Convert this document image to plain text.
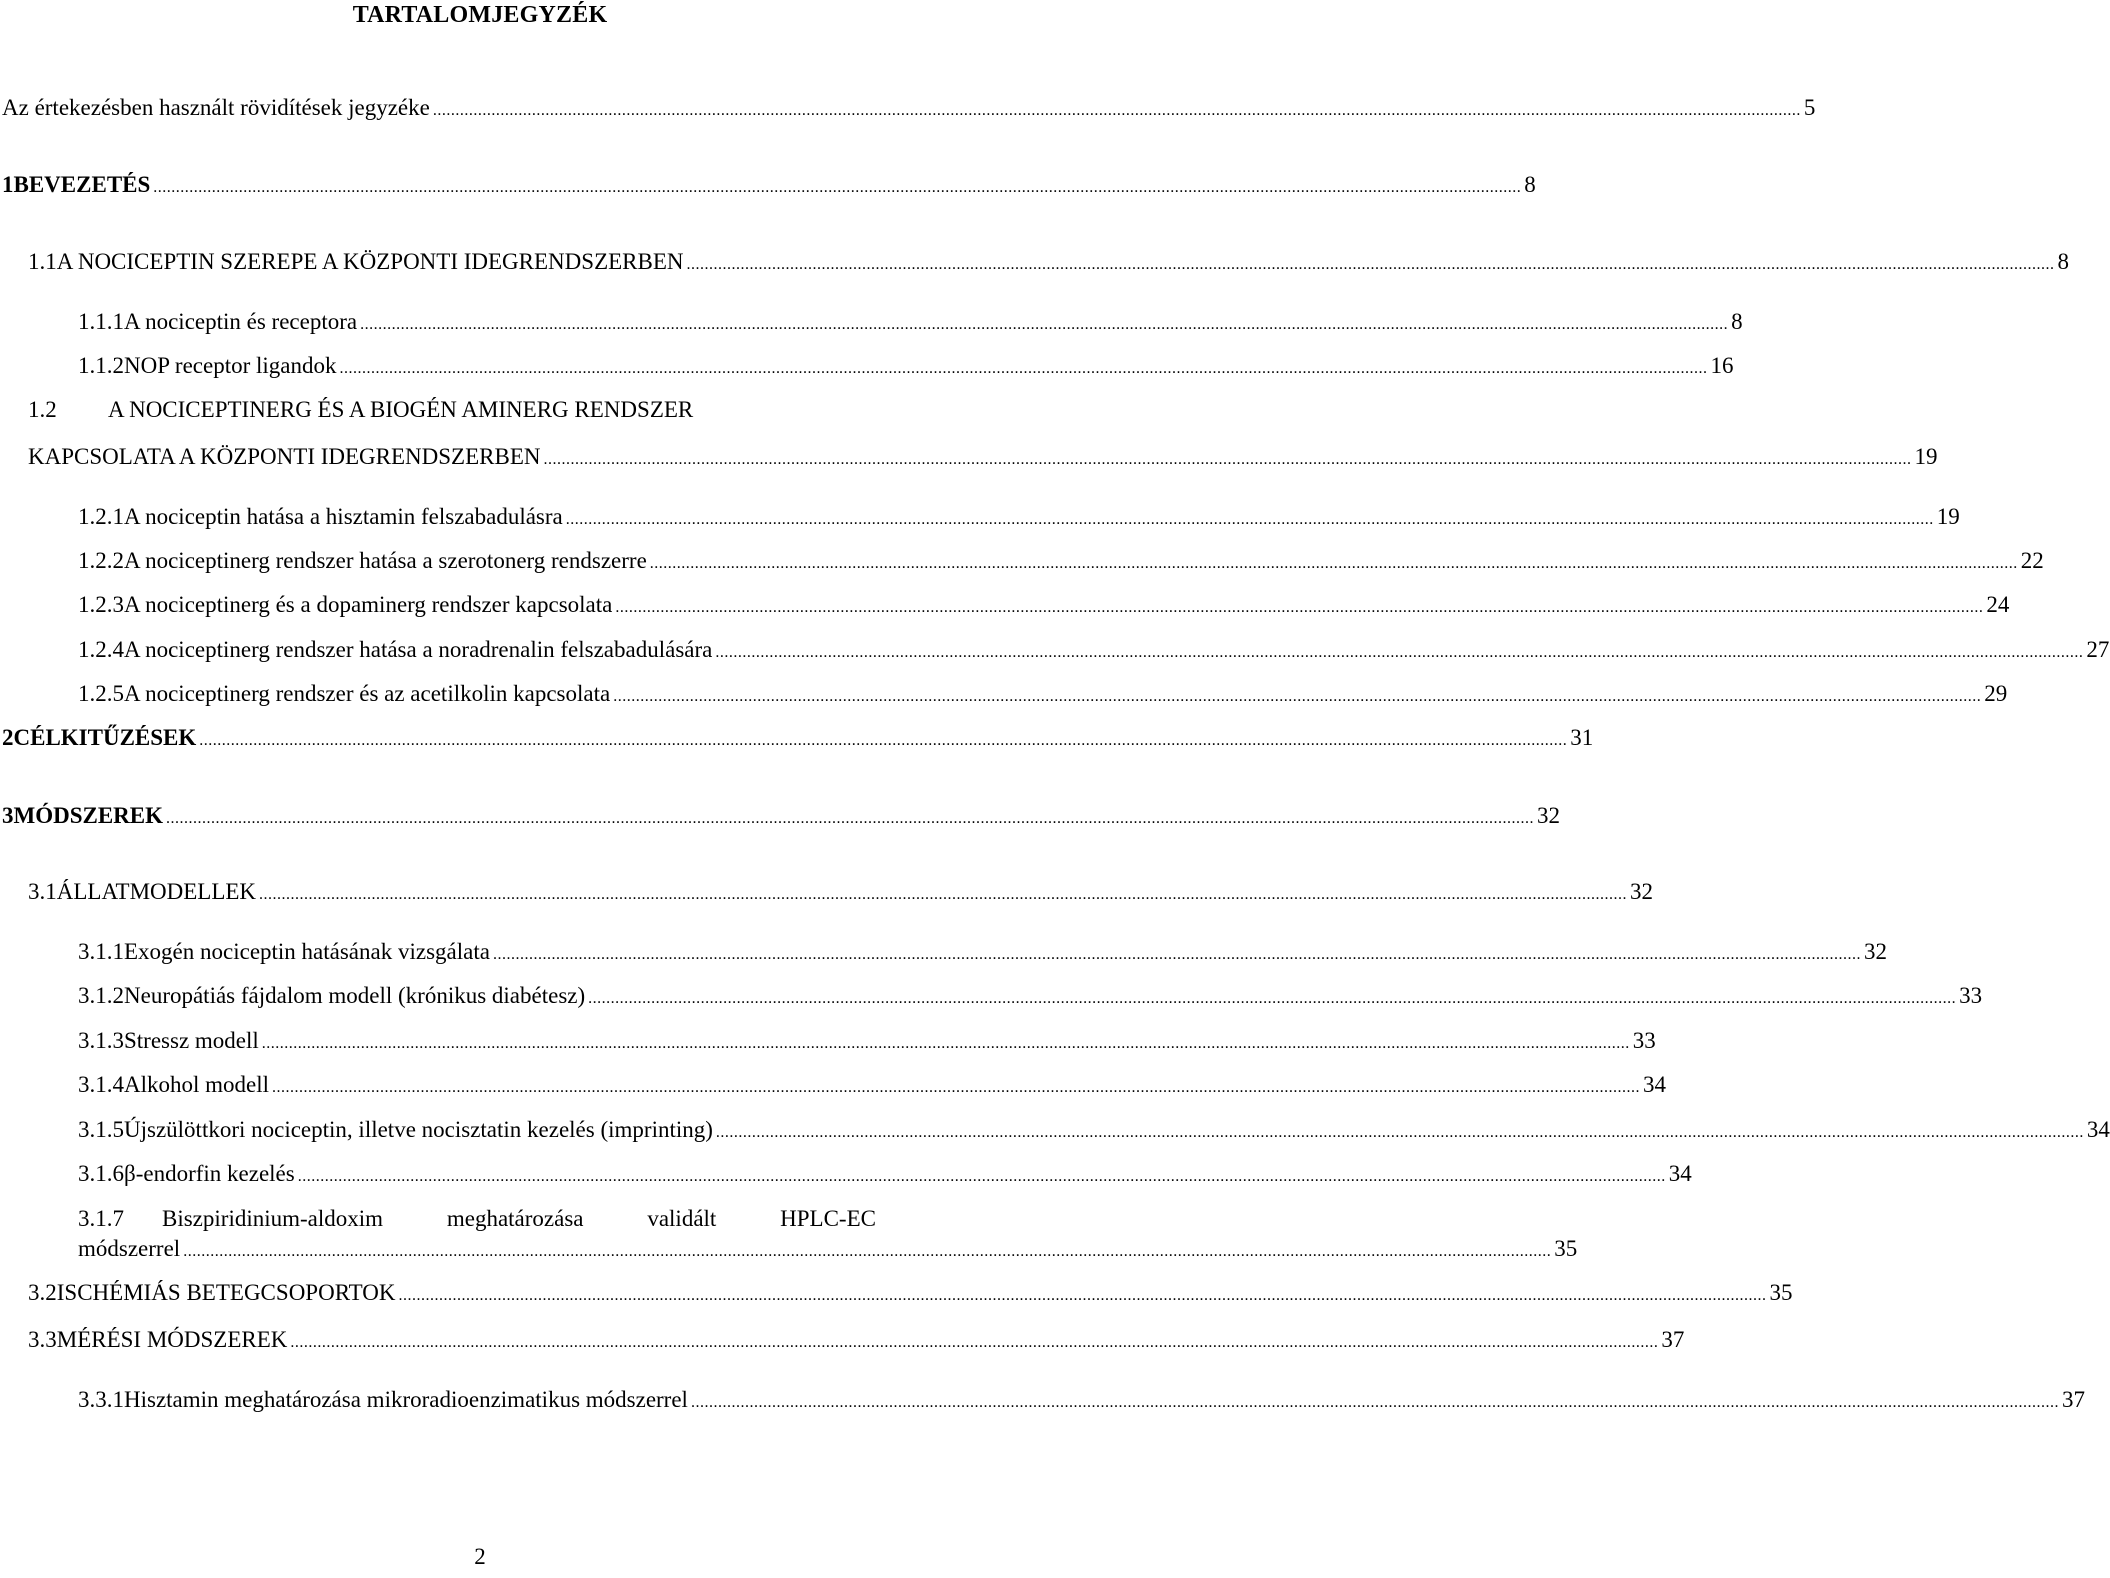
TARTALOMJEGYZÉK
Az értekezésben használt rövidítések jegyzéke .....	5
1 BEVEZETÉS .....	8
1.1 A NOCICEPTIN SZEREPE A KÖZPONTI IDEGRENDSZERBEN .....	8
1.1.1 A nociceptin és receptora .....	8
1.1.2 NOP receptor ligandok .....	16
1.2 A NOCICEPTINERG ÉS A BIOGÉN AMINERG RENDSZER
KAPCSOLATA A KÖZPONTI IDEGRENDSZERBEN .....	19
1.2.1 A nociceptin hatása a hisztamin felszabadulásra .....	19
1.2.2 A nociceptinerg rendszer hatása a szerotonerg rendszerre .....	22
1.2.3 A nociceptinerg és a dopaminerg rendszer kapcsolata .....	24
1.2.4 A nociceptinerg rendszer hatása a noradrenalin felszabadulására .....	27
1.2.5 A nociceptinerg rendszer és az acetilkolin kapcsolata .....	29
2 CÉLKITŰZÉSEK .....	31
3 MÓDSZEREK .....	32
3.1 ÁLLATMODELLEK .....	32
3.1.1 Exogén nociceptin hatásának vizsgálata .....	32
3.1.2 Neuropátiás fájdalom modell (krónikus diabétesz) .....	33
3.1.3 Stressz modell .....	33
3.1.4 Alkohol modell .....	34
3.1.5 Újszülöttkori nociceptin, illetve nocisztatin kezelés (imprinting) .....	34
3.1.6 β-endorfin kezelés .....	34
3.1.7	Biszpiridinium-aldoxim	meghatározása	validált	HPLC-EC
módszerrel .....	35
3.2 ISCHÉMIÁS BETEGCSOPORTOK .....	35
3.3 MÉRÉSI MÓDSZEREK .....	37
3.3.1 Hisztamin meghatározása mikroradioenzimatikus módszerrel .....	37
2
